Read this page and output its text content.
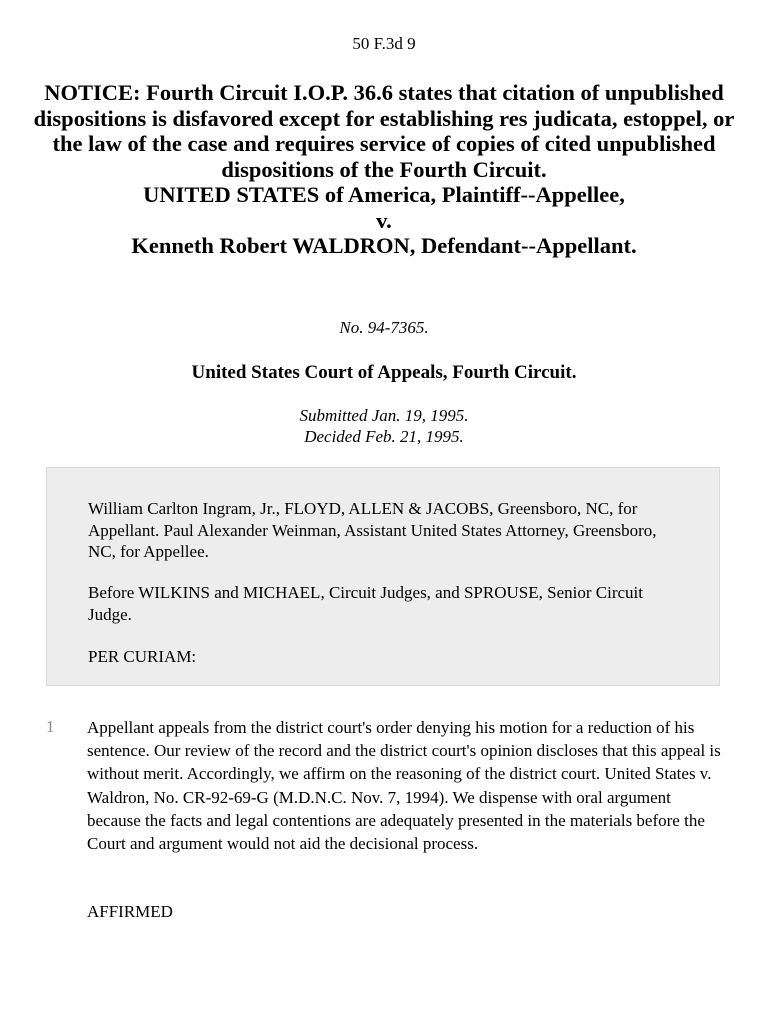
50 F.3d 9
NOTICE: Fourth Circuit I.O.P. 36.6 states that citation of unpublished dispositions is disfavored except for establishing res judicata, estoppel, or the law of the case and requires service of copies of cited unpublished dispositions of the Fourth Circuit.
UNITED STATES of America, Plaintiff--Appellee,
v.
Kenneth Robert WALDRON, Defendant--Appellant.
No. 94-7365.
United States Court of Appeals, Fourth Circuit.
Submitted Jan. 19, 1995.
Decided Feb. 21, 1995.

William Carlton Ingram, Jr., FLOYD, ALLEN & JACOBS, Greensboro, NC, for Appellant. Paul Alexander Weinman, Assistant United States Attorney, Greensboro, NC, for Appellee.

Before WILKINS and MICHAEL, Circuit Judges, and SPROUSE, Senior Circuit Judge.

PER CURIAM:

1 Appellant appeals from the district court's order denying his motion for a reduction of his sentence. Our review of the record and the district court's opinion discloses that this appeal is without merit. Accordingly, we affirm on the reasoning of the district court. United States v. Waldron, No. CR-92-69-G (M.D.N.C. Nov. 7, 1994). We dispense with oral argument because the facts and legal contentions are adequately presented in the materials before the Court and argument would not aid the decisional process.

AFFIRMED
